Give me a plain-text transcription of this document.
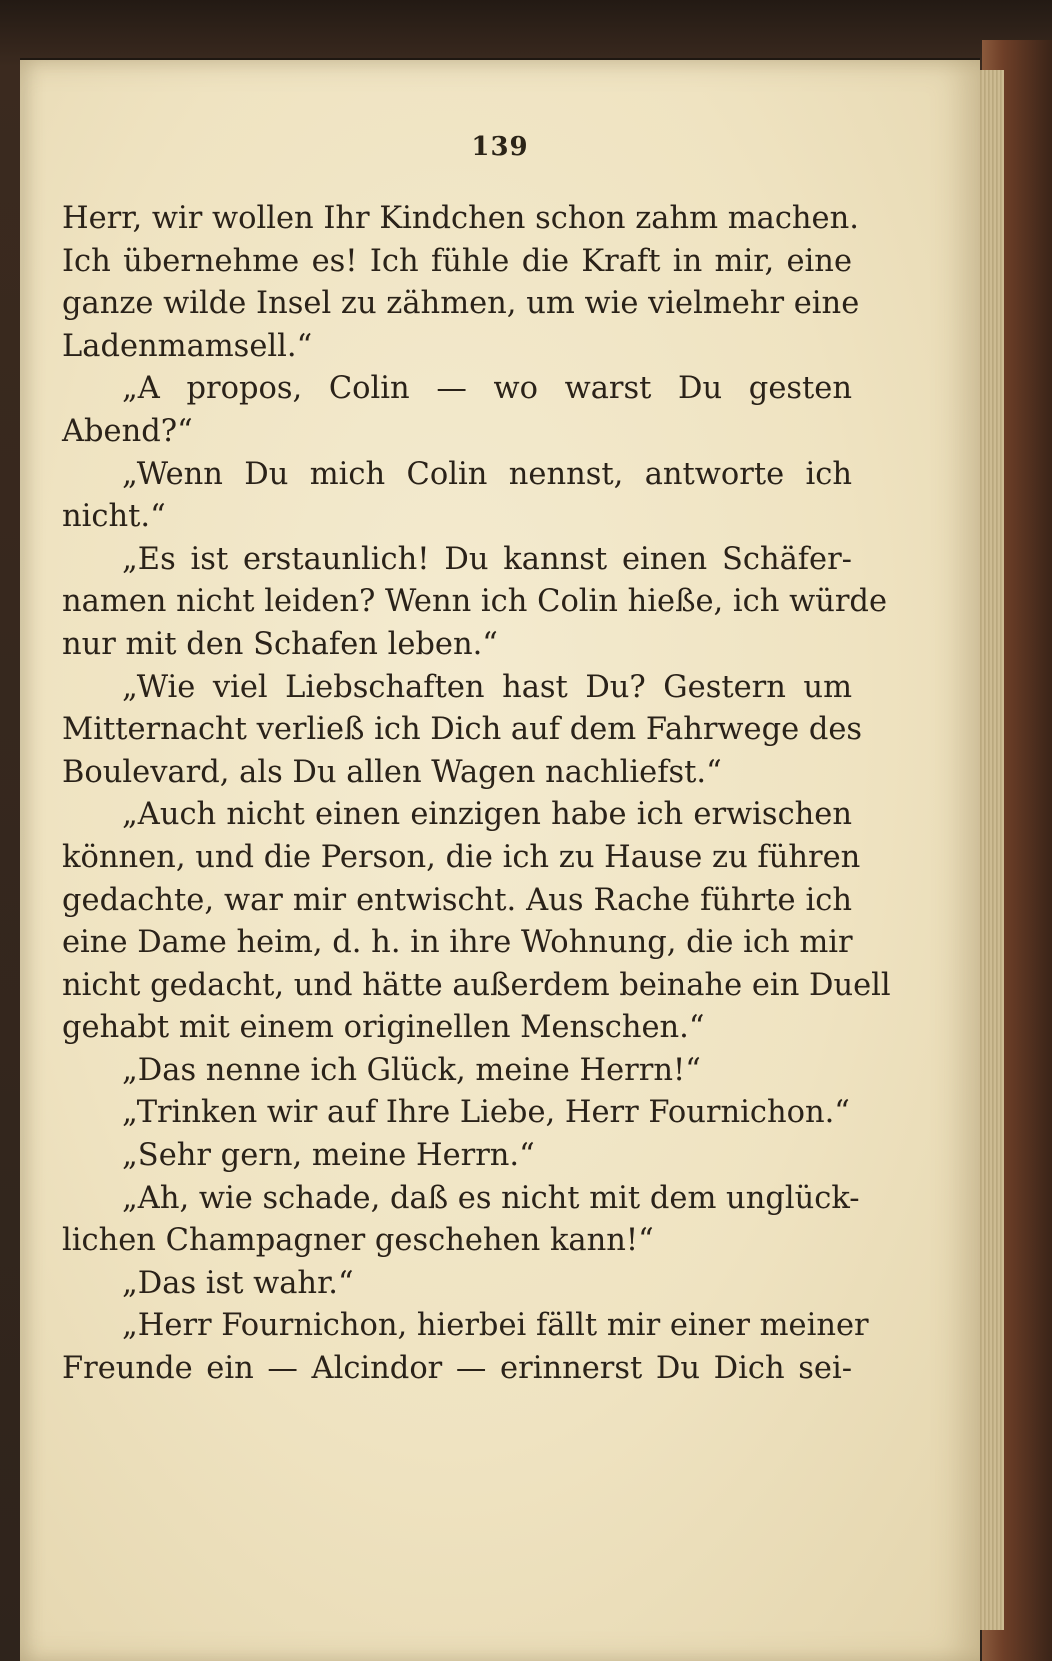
139
Herr, wir wollen Ihr Kindchen schon zahm machen.
Ich übernehme es! Ich fühle die Kraft in mir, eine
ganze wilde Insel zu zähmen, um wie vielmehr eine
Ladenmamsell.“
„A propos, Colin — wo warst Du gesten
Abend?“
„Wenn Du mich Colin nennst, antworte ich
nicht.“
„Es ist erstaunlich! Du kannst einen Schäfer-
namen nicht leiden? Wenn ich Colin hieße, ich würde
nur mit den Schafen leben.“
„Wie viel Liebschaften hast Du? Gestern um
Mitternacht verließ ich Dich auf dem Fahrwege des
Boulevard, als Du allen Wagen nachliefst.“
„Auch nicht einen einzigen habe ich erwischen
können, und die Person, die ich zu Hause zu führen
gedachte, war mir entwischt. Aus Rache führte ich
eine Dame heim, d. h. in ihre Wohnung, die ich mir
nicht gedacht, und hätte außerdem beinahe ein Duell
gehabt mit einem originellen Menschen.“
„Das nenne ich Glück, meine Herrn!“
„Trinken wir auf Ihre Liebe, Herr Fournichon.“
„Sehr gern, meine Herrn.“
„Ah, wie schade, daß es nicht mit dem unglück-
lichen Champagner geschehen kann!“
„Das ist wahr.“
„Herr Fournichon, hierbei fällt mir einer meiner
Freunde ein — Alcindor — erinnerst Du Dich sei-
